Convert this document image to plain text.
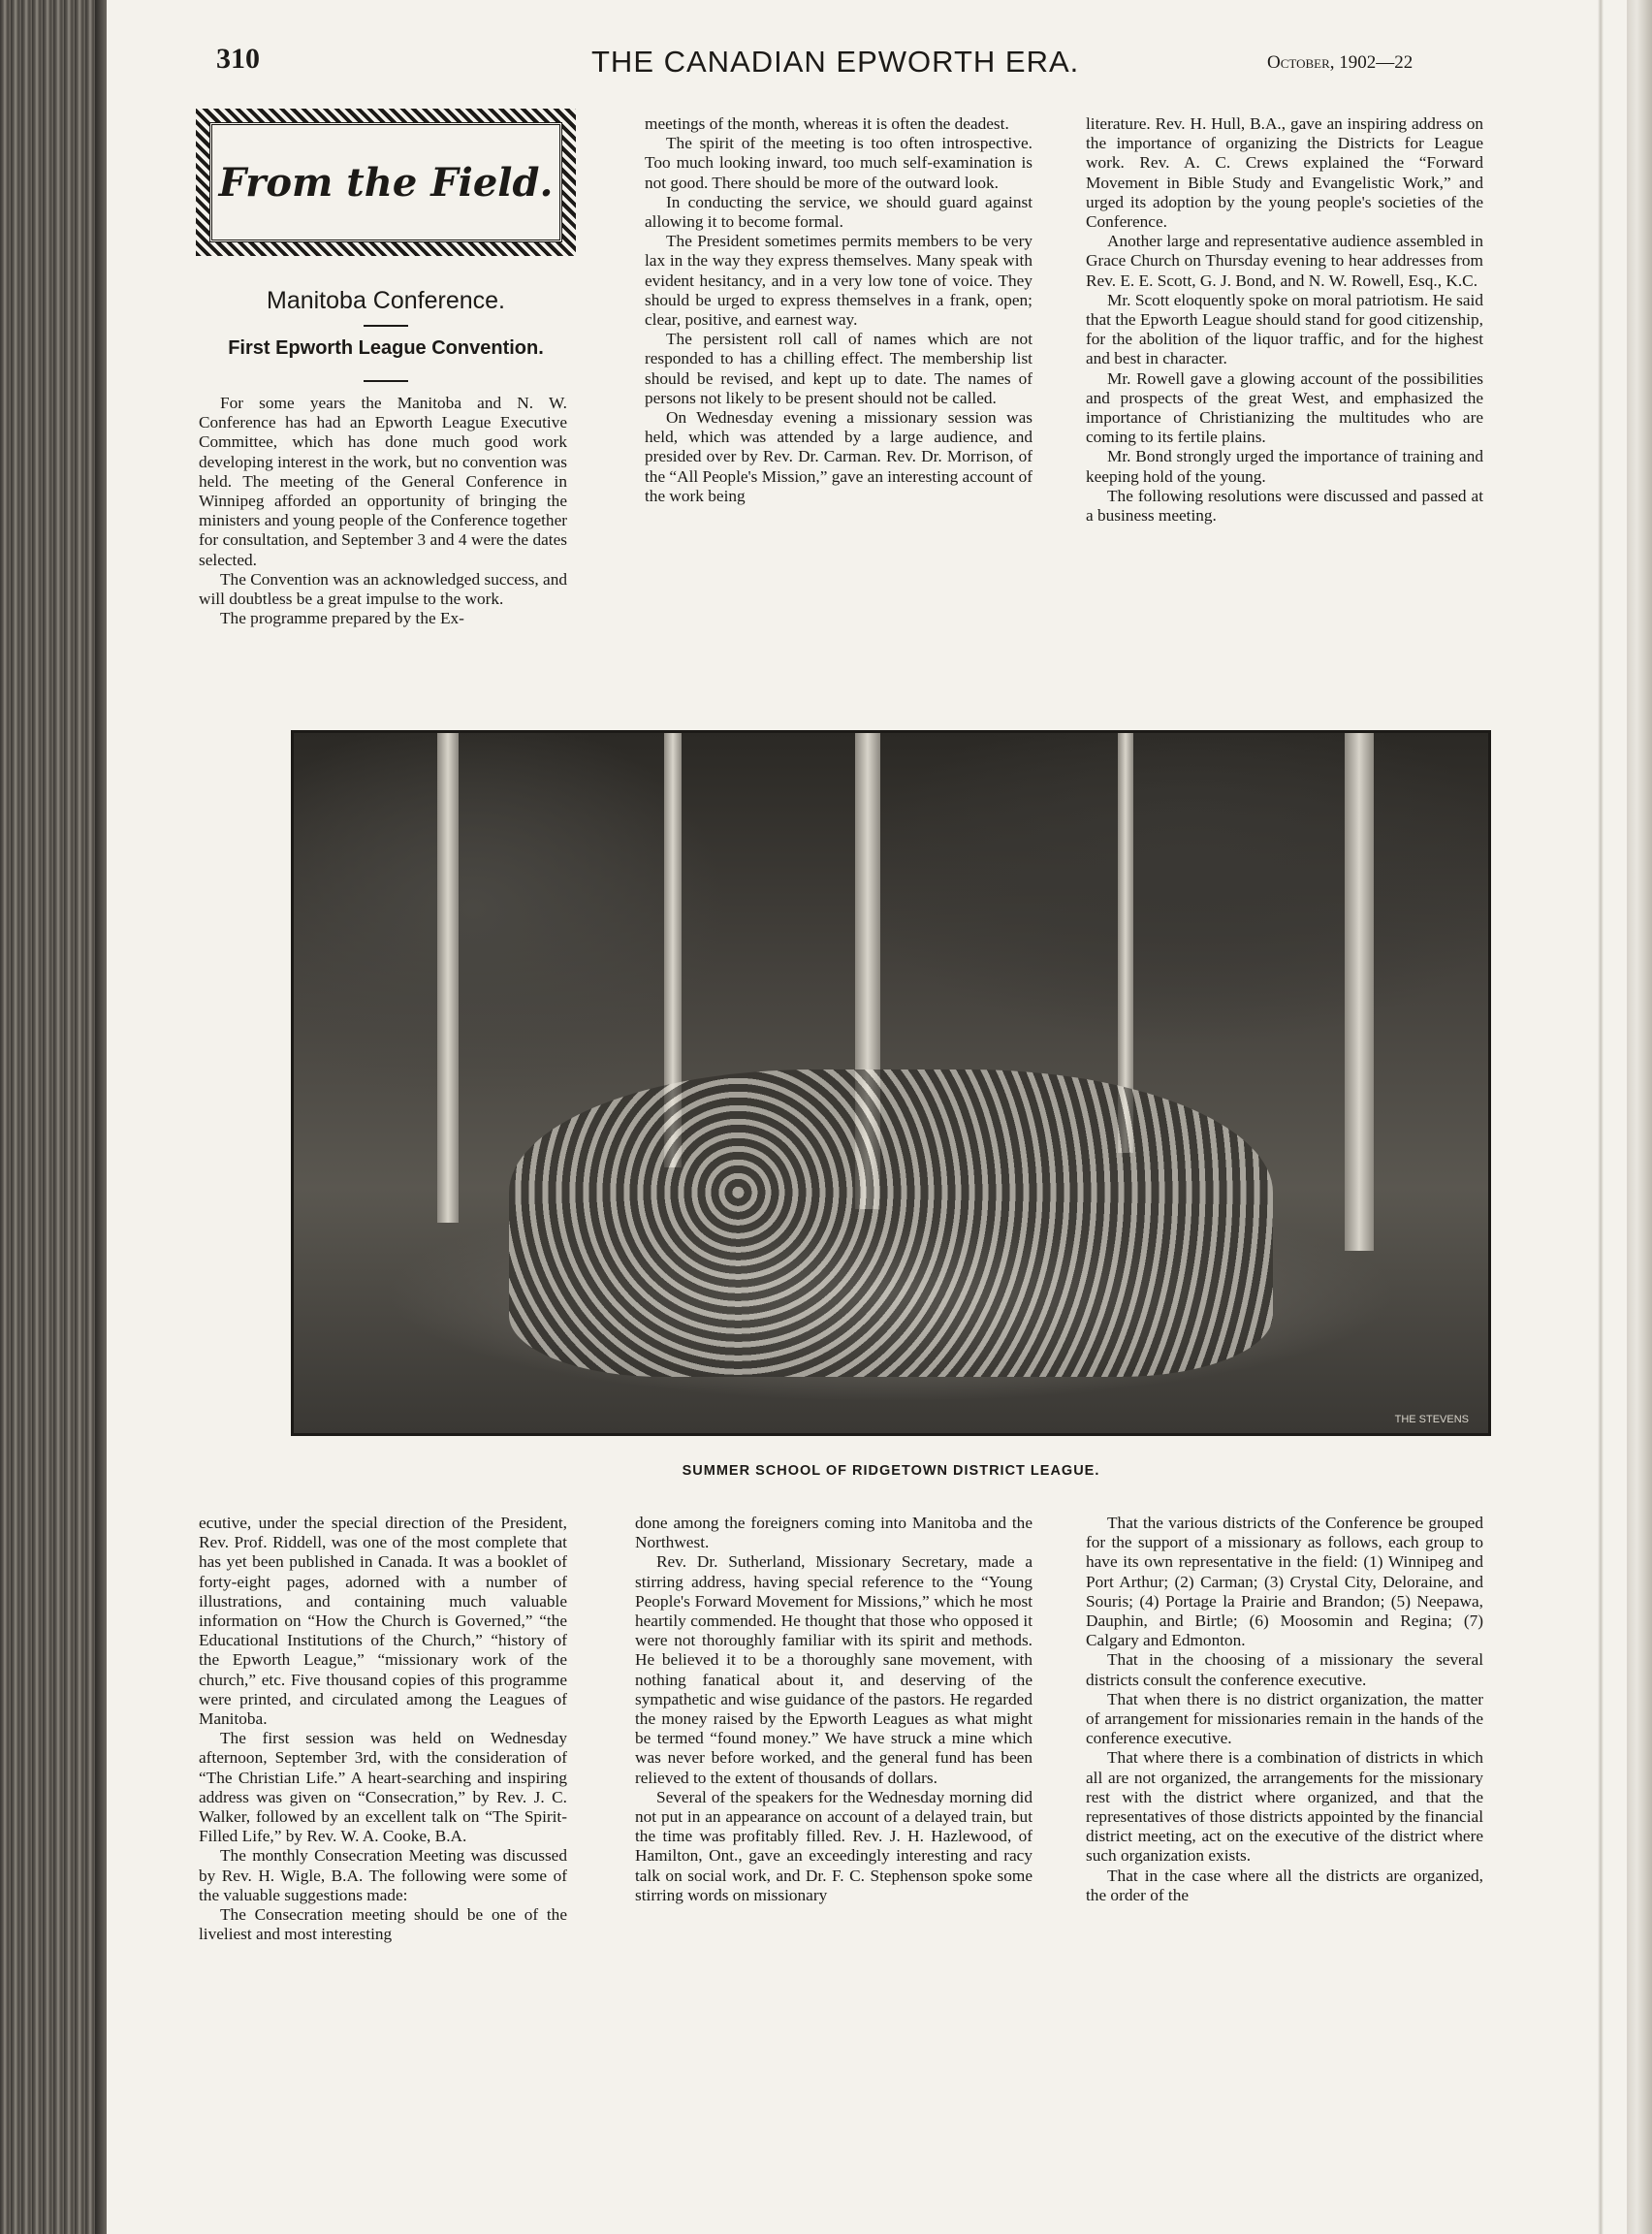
310	THE CANADIAN EPWORTH ERA.	October, 1902—22
From the Field.
Manitoba Conference.
First Epworth League Convention.

For some years the Manitoba and N. W. Conference has had an Epworth League Executive Committee, which has done much good work developing interest in the work, but no convention was held. The meeting of the General Conference in Winnipeg afforded an opportunity of bringing the ministers and young people of the Conference together for consultation, and September 3 and 4 were the dates selected.

The Convention was an acknowledged success, and will doubtless be a great impulse to the work.

The programme prepared by the Ex-

meetings of the month, whereas it is often the deadest.

The spirit of the meeting is too often introspective. Too much looking inward, too much self-examination is not good. There should be more of the outward look.

In conducting the service, we should guard against allowing it to become formal.

The President sometimes permits members to be very lax in the way they express themselves. Many speak with evident hesitancy, and in a very low tone of voice. They should be urged to express themselves in a frank, open; clear, positive, and earnest way.

The persistent roll call of names which are not responded to has a chilling effect. The membership list should be revised, and kept up to date. The names of persons not likely to be present should not be called.

On Wednesday evening a missionary session was held, which was attended by a large audience, and presided over by Rev. Dr. Carman. Rev. Dr. Morrison, of the “All People's Mission,” gave an interesting account of the work being

literature. Rev. H. Hull, B.A., gave an inspiring address on the importance of organizing the Districts for League work. Rev. A. C. Crews explained the “Forward Movement in Bible Study and Evangelistic Work,” and urged its adoption by the young people's societies of the Conference.

Another large and representative audience assembled in Grace Church on Thursday evening to hear addresses from Rev. E. E. Scott, G. J. Bond, and N. W. Rowell, Esq., K.C.

Mr. Scott eloquently spoke on moral patriotism. He said that the Epworth League should stand for good citizenship, for the abolition of the liquor traffic, and for the highest and best in character.

Mr. Rowell gave a glowing account of the possibilities and prospects of the great West, and emphasized the importance of Christianizing the multitudes who are coming to its fertile plains.

Mr. Bond strongly urged the importance of training and keeping hold of the young.

The following resolutions were discussed and passed at a business meeting.

THE STEVENS
SUMMER SCHOOL OF RIDGETOWN DISTRICT LEAGUE.

ecutive, under the special direction of the President, Rev. Prof. Riddell, was one of the most complete that has yet been published in Canada. It was a booklet of forty-eight pages, adorned with a number of illustrations, and containing much valuable information on “How the Church is Governed,” “the Educational Institutions of the Church,” “history of the Epworth League,” “missionary work of the church,” etc. Five thousand copies of this programme were printed, and circulated among the Leagues of Manitoba.

The first session was held on Wednesday afternoon, September 3rd, with the consideration of “The Christian Life.” A heart-searching and inspiring address was given on “Consecration,” by Rev. J. C. Walker, followed by an excellent talk on “The Spirit-Filled Life,” by Rev. W. A. Cooke, B.A.

The monthly Consecration Meeting was discussed by Rev. H. Wigle, B.A. The following were some of the valuable suggestions made:

The Consecration meeting should be one of the liveliest and most interesting

done among the foreigners coming into Manitoba and the Northwest.

Rev. Dr. Sutherland, Missionary Secretary, made a stirring address, having special reference to the “Young People's Forward Movement for Missions,” which he most heartily commended. He thought that those who opposed it were not thoroughly familiar with its spirit and methods. He believed it to be a thoroughly sane movement, with nothing fanatical about it, and deserving of the sympathetic and wise guidance of the pastors. He regarded the money raised by the Epworth Leagues as what might be termed “found money.” We have struck a mine which was never before worked, and the general fund has been relieved to the extent of thousands of dollars.

Several of the speakers for the Wednesday morning did not put in an appearance on account of a delayed train, but the time was profitably filled. Rev. J. H. Hazlewood, of Hamilton, Ont., gave an exceedingly interesting and racy talk on social work, and Dr. F. C. Stephenson spoke some stirring words on missionary

That the various districts of the Conference be grouped for the support of a missionary as follows, each group to have its own representative in the field: (1) Winnipeg and Port Arthur; (2) Carman; (3) Crystal City, Deloraine, and Souris; (4) Portage la Prairie and Brandon; (5) Neepawa, Dauphin, and Birtle; (6) Moosomin and Regina; (7) Calgary and Edmonton.

That in the choosing of a missionary the several districts consult the conference executive.

That when there is no district organization, the matter of arrangement for missionaries remain in the hands of the conference executive.

That where there is a combination of districts in which all are not organized, the arrangements for the missionary rest with the district where organized, and that the representatives of those districts appointed by the financial district meeting, act on the executive of the district where such organization exists.

That in the case where all the districts are organized, the order of the
